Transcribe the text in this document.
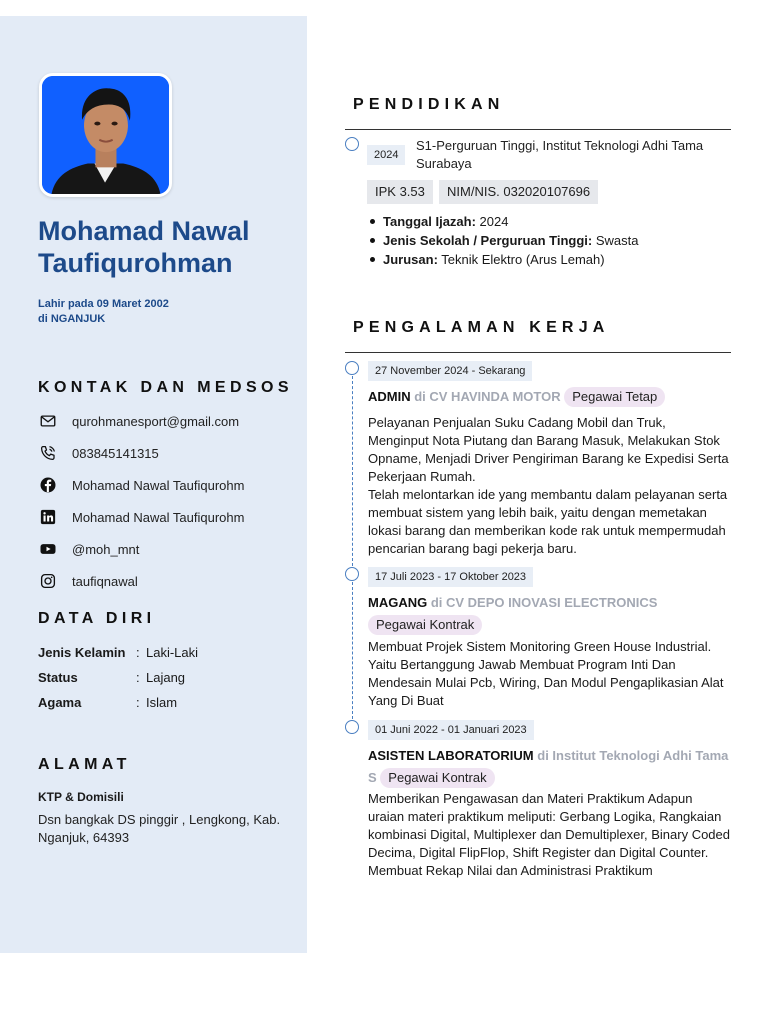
Mohamad Nawal
Taufiqurohman
Lahir pada 09 Maret 2002
di NGANJUK
KONTAK DAN MEDSOS
qurohmanesport@gmail.com
083845141315
Mohamad Nawal Taufiqurohm
Mohamad Nawal Taufiqurohm
@moh_mnt
taufiqnawal
DATA DIRI
Jenis Kelamin : Laki-Laki
Status	: Lajang
Agama	: Islam
ALAMAT
KTP & Domisili
Dsn bangkak DS pinggir , Lengkong, Kab. Nganjuk, 64393
PENDIDIKAN
2024
S1-Perguruan Tinggi, Institut Teknologi Adhi Tama Surabaya
IPK 3.53	NIM/NIS. 032020107696
Tanggal Ijazah: 2024
Jenis Sekolah / Perguruan Tinggi: Swasta
Jurusan: Teknik Elektro (Arus Lemah)
PENGALAMAN KERJA
27 November 2024 - Sekarang
ADMIN di CV HAVINDA MOTOR Pegawai Tetap

Pelayanan Penjualan Suku Cadang Mobil dan Truk, Menginput Nota Piutang dan Barang Masuk, Melakukan Stok Opname, Menjadi Driver Pengiriman Barang ke Expedisi Serta Pekerjaan Rumah.

Telah melontarkan ide yang membantu dalam pelayanan serta membuat sistem yang lebih baik, yaitu dengan memetakan lokasi barang dan memberikan kode rak untuk mempermudah pencarian barang bagi pekerja baru.

17 Juli 2023 - 17 Oktober 2023
MAGANG di CV DEPO INOVASI ELECTRONICS Pegawai Kontrak

Membuat Projek Sistem Monitoring Green House Industrial. Yaitu Bertanggung Jawab Membuat Program Inti Dan Mendesain Mulai Pcb, Wiring, Dan Modul Pengaplikasian Alat Yang Di Buat

01 Juni 2022 - 01 Januari 2023
ASISTEN LABORATORIUM di Institut Teknologi Adhi Tama S Pegawai Kontrak

Memberikan Pengawasan dan Materi Praktikum Adapun uraian materi praktikum meliputi: Gerbang Logika, Rangkaian kombinasi Digital, Multiplexer dan Demultiplexer, Binary Coded Decima, Digital FlipFlop, Shift Register dan Digital Counter.

Membuat Rekap Nilai dan Administrasi Praktikum
